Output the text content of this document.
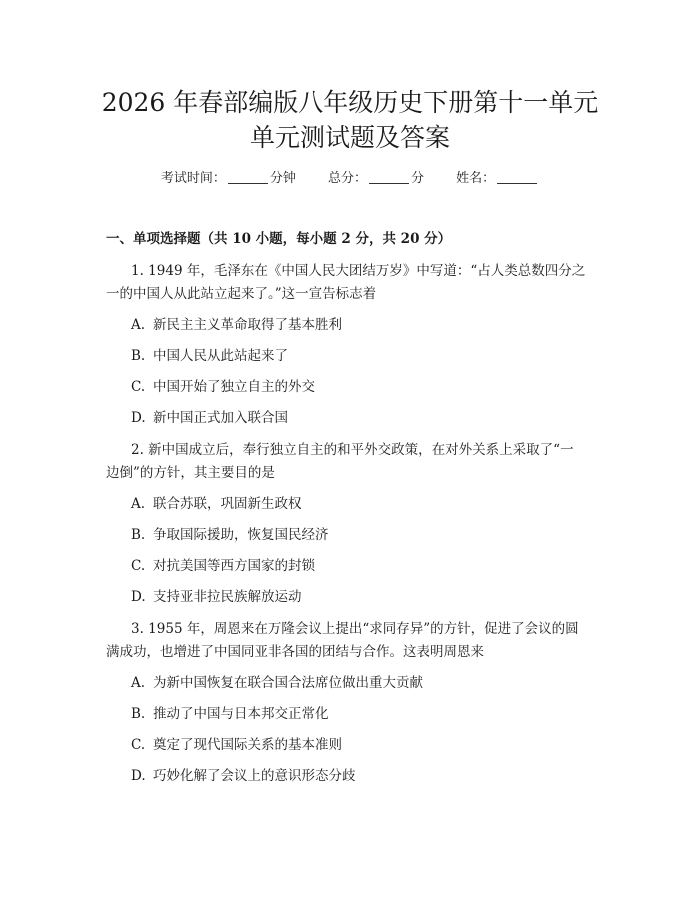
2026 年春部编版八年级历史下册第十一单元
单元测试题及答案
考试时间：	分钟 总分：	分 姓名：
一、单项选择题（共 10 小题，每小题 2 分，共 20 分）
1. 1949 年，毛泽东在《中国人民大团结万岁》中写道：“占人类总数四分之
一的中国人从此站立起来了。”这一宣告标志着
A. 新民主主义革命取得了基本胜利
B. 中国人民从此站起来了
C. 中国开始了独立自主的外交
D. 新中国正式加入联合国
2. 新中国成立后，奉行独立自主的和平外交政策，在对外关系上采取了“一
边倒”的方针，其主要目的是
A. 联合苏联，巩固新生政权
B. 争取国际援助，恢复国民经济
C. 对抗美国等西方国家的封锁
D. 支持亚非拉民族解放运动
3. 1955 年，周恩来在万隆会议上提出“求同存异”的方针，促进了会议的圆
满成功，也增进了中国同亚非各国的团结与合作。这表明周恩来
A. 为新中国恢复在联合国合法席位做出重大贡献
B. 推动了中国与日本邦交正常化
C. 奠定了现代国际关系的基本准则
D. 巧妙化解了会议上的意识形态分歧
